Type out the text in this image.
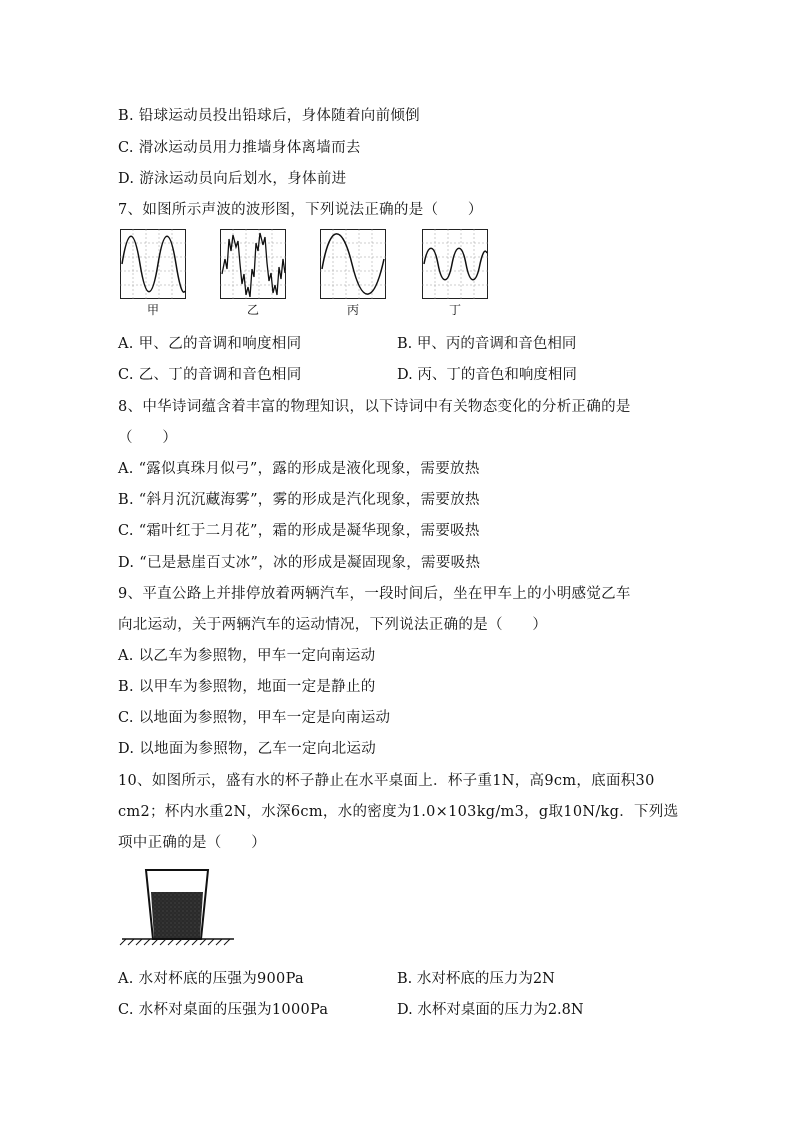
B. 铅球运动员投出铅球后，身体随着向前倾倒
C. 滑冰运动员用力推墙身体离墙而去
D. 游泳运动员向后划水，身体前进
7、如图所示声波的波形图，下列说法正确的是（　　）
甲	乙	丙	丁
A. 甲、乙的音调和响度相同	B. 甲、丙的音调和音色相同
C. 乙、丁的音调和音色相同	D. 丙、丁的音色和响度相同
8、中华诗词蕴含着丰富的物理知识，以下诗词中有关物态变化的分析正确的是
（　　）
A. “露似真珠月似弓”，露的形成是液化现象，需要放热
B. “斜月沉沉藏海雾”，雾的形成是汽化现象，需要放热
C. “霜叶红于二月花”，霜的形成是凝华现象，需要吸热
D. “已是悬崖百丈冰”，冰的形成是凝固现象，需要吸热
9、平直公路上并排停放着两辆汽车，一段时间后，坐在甲车上的小明感觉乙车
向北运动，关于两辆汽车的运动情况，下列说法正确的是（　　）
A. 以乙车为参照物，甲车一定向南运动
B. 以甲车为参照物，地面一定是静止的
C. 以地面为参照物，甲车一定是向南运动
D. 以地面为参照物，乙车一定向北运动
10、如图所示，盛有水的杯子静止在水平桌面上．杯子重1N，高9cm，底面积30
cm2；杯内水重2N，水深6cm，水的密度为1.0×103kg/m3，g取10N/kg．下列选
项中正确的是（　　）
A. 水对杯底的压强为900Pa	B. 水对杯底的压力为2N
C. 水杯对桌面的压强为1000Pa	D. 水杯对桌面的压力为2.8N
